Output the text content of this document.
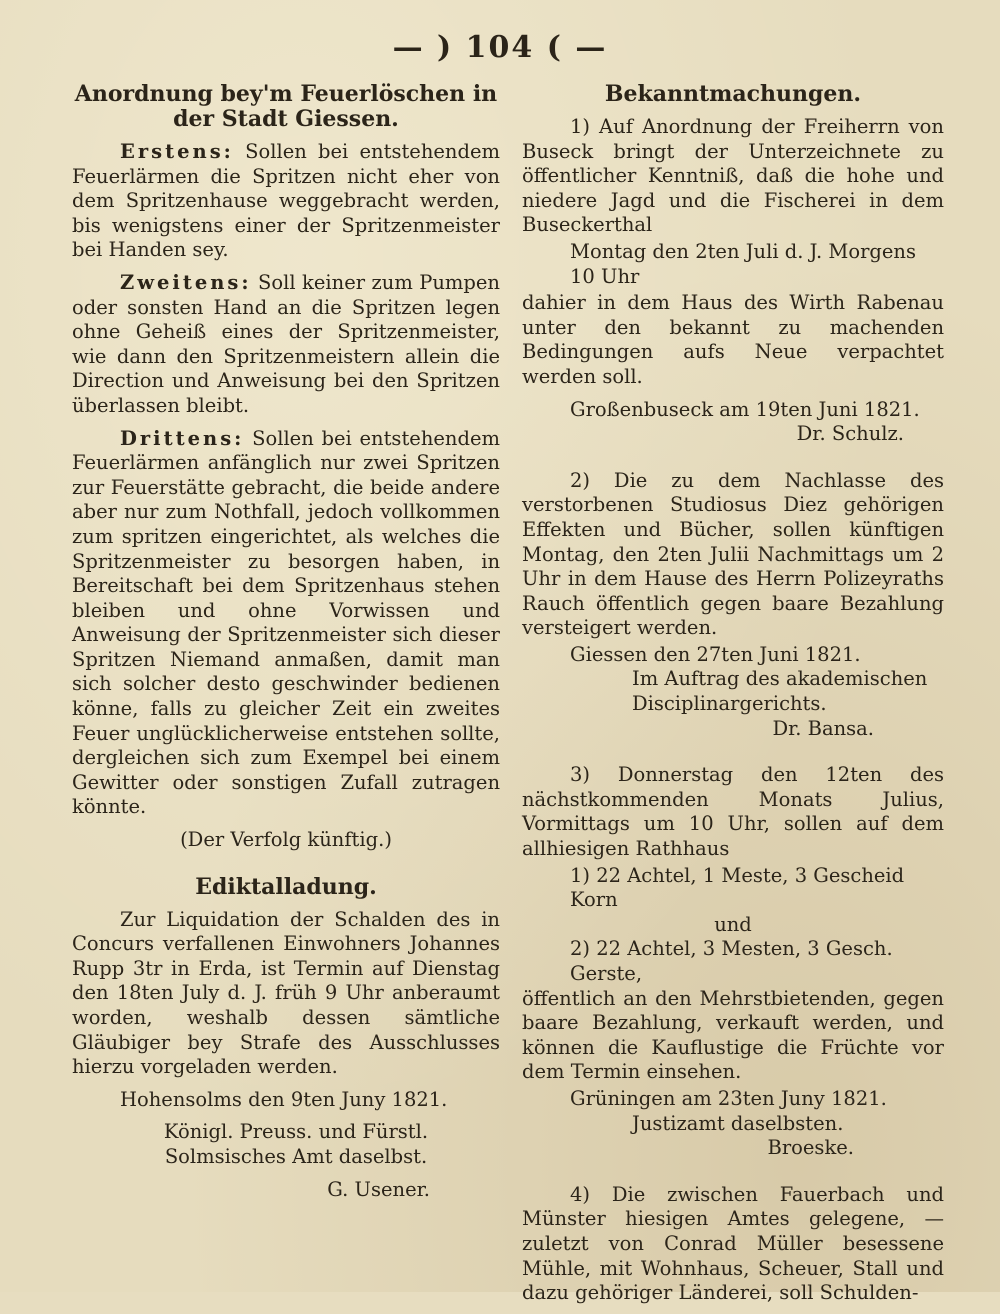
— ) 104 ( —
Anordnung bey'm Feuerlöschen in der Stadt Giessen.

Erstens: Sollen bei entstehendem Feuerlärmen die Spritzen nicht eher von dem Spritzenhause weggebracht werden, bis wenigstens einer der Spritzenmeister bei Handen sey.

Zweitens: Soll keiner zum Pumpen oder sonsten Hand an die Spritzen legen ohne Geheiß eines der Spritzenmeister, wie dann den Spritzenmeistern allein die Direction und Anweisung bei den Spritzen überlassen bleibt.

Drittens: Sollen bei entstehendem Feuerlärmen anfänglich nur zwei Spritzen zur Feuerstätte gebracht, die beide andere aber nur zum Nothfall, jedoch vollkommen zum spritzen eingerichtet, als welches die Spritzenmeister zu besorgen haben, in Bereitschaft bei dem Spritzenhaus stehen bleiben und ohne Vorwissen und Anweisung der Spritzenmeister sich dieser Spritzen Niemand anmaßen, damit man sich solcher desto geschwinder bedienen könne, falls zu gleicher Zeit ein zweites Feuer unglücklicherweise entstehen sollte, dergleichen sich zum Exempel bei einem Gewitter oder sonstigen Zufall zutragen könnte.

(Der Verfolg künftig.)

Ediktalladung.

Zur Liquidation der Schalden des in Concurs verfallenen Einwohners Johannes Rupp 3tr in Erda, ist Termin auf Dienstag den 18ten July d. J. früh 9 Uhr anberaumt worden, weshalb dessen sämtliche Gläubiger bey Strafe des Ausschlusses hierzu vorgeladen werden.

Hohensolms den 9ten Juny 1821.

Königl. Preuss. und Fürstl. Solmsisches Amt daselbst.

G. Usener.

Bekanntmachungen.

1) Auf Anordnung der Freiherrn von Buseck bringt der Unterzeichnete zu öffentlicher Kenntniß, daß die hohe und niedere Jagd und die Fischerei in dem Buseckerthal

Montag den 2ten Juli d. J. Morgens 10 Uhr

dahier in dem Haus des Wirth Rabenau unter den bekannt zu machenden Bedingungen aufs Neue verpachtet werden soll.

Großenbuseck am 19ten Juni 1821.

Dr. Schulz.

2) Die zu dem Nachlasse des verstorbenen Studiosus Diez gehörigen Effekten und Bücher, sollen künftigen Montag, den 2ten Julii Nachmittags um 2 Uhr in dem Hause des Herrn Polizeyraths Rauch öffentlich gegen baare Bezahlung versteigert werden.

Giessen den 27ten Juni 1821.

Im Auftrag des akademischen Disciplinargerichts.

Dr. Bansa.

3) Donnerstag den 12ten des nächstkommenden Monats Julius, Vormittags um 10 Uhr, sollen auf dem allhiesigen Rathhaus

1) 22 Achtel, 1 Meste, 3 Gescheid Korn

und

2) 22 Achtel, 3 Mesten, 3 Gesch. Gerste,

öffentlich an den Mehrstbietenden, gegen baare Bezahlung, verkauft werden, und können die Kauflustige die Früchte vor dem Termin einsehen.

Grüningen am 23ten Juny 1821.

Justizamt daselbsten.

Broeske.

4) Die zwischen Fauerbach und Münster hiesigen Amtes gelegene, — zuletzt von Conrad Müller besessene Mühle, mit Wohnhaus, Scheuer, Stall und dazu gehöriger Länderei, soll Schulden-
